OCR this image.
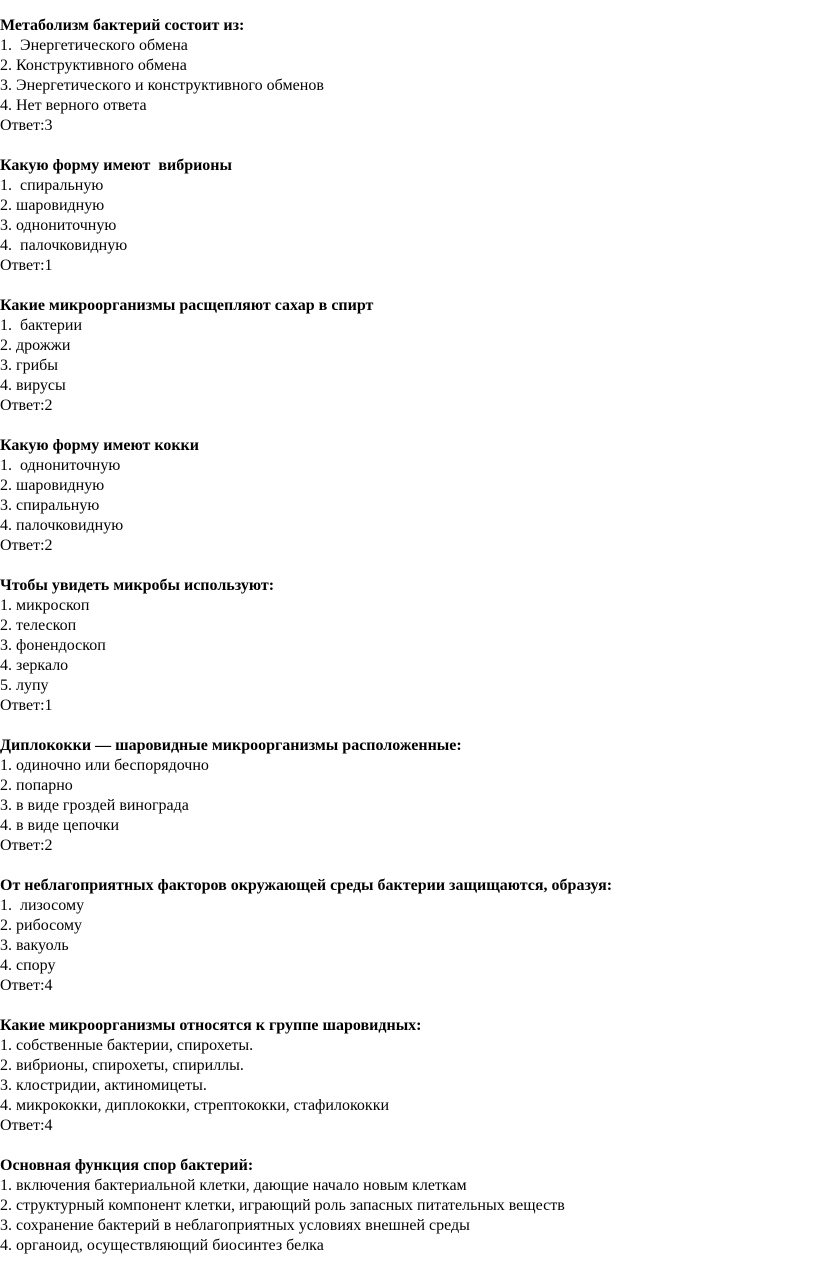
Метаболизм бактерий состоит из:
1.  Энергетического обмена
2. Конструктивного обмена
3. Энергетического и конструктивного обменов
4. Нет верного ответа
Ответ:3
Какую форму имеют  вибрионы
1.  спиральную
2. шаровидную
3. однониточную
4.  палочковидную
Ответ:1
Какие микроорганизмы расщепляют сахар в спирт
1.  бактерии
2. дрожжи
3. грибы
4. вирусы
Ответ:2
Какую форму имеют кокки
1.  однониточную
2. шаровидную
3. спиральную
4. палочковидную
Ответ:2
Чтобы увидеть микробы используют:
1. микроскоп
2. телескоп
3. фонендоскоп
4. зеркало
5. лупу
Ответ:1
Диплококки — шаровидные микроорганизмы расположенные:
1. одиночно или беспорядочно
2. попарно
3. в виде гроздей винограда
4. в виде цепочки
Ответ:2
От неблагоприятных факторов окружающей среды бактерии защищаются, образуя:
1.  лизосому
2. рибосому
3. вакуоль
4. спору
Ответ:4
Какие микроорганизмы относятся к группе шаровидных:
1. собственные бактерии, спирохеты.
2. вибрионы, спирохеты, спириллы.
3. клостридии, актиномицеты.
4. микрококки, диплококки, стрептококки, стафилококки
Ответ:4
Основная функция спор бактерий:
1. включения бактериальной клетки, дающие начало новым клеткам
2. структурный компонент клетки, играющий роль запасных питательных веществ
3. сохранение бактерий в неблагоприятных условиях внешней среды
4. органоид, осуществляющий биосинтез белка
